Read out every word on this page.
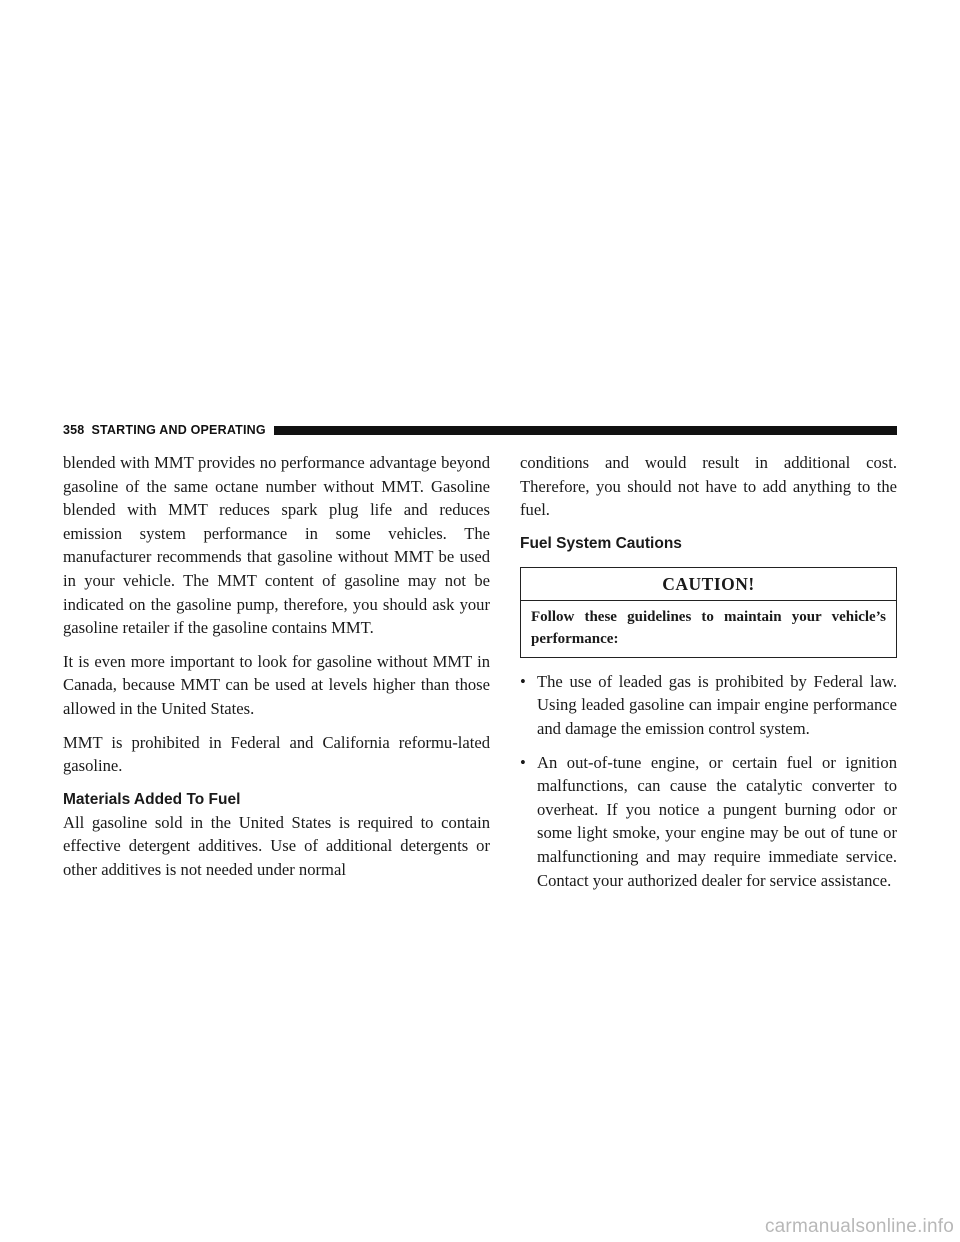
358 STARTING AND OPERATING

blended with MMT provides no performance advantage beyond gasoline of the same octane number without MMT. Gasoline blended with MMT reduces spark plug life and reduces emission system performance in some vehicles. The manufacturer recommends that gasoline without MMT be used in your vehicle. The MMT content of gasoline may not be indicated on the gasoline pump, therefore, you should ask your gasoline retailer if the gasoline contains MMT.

It is even more important to look for gasoline without MMT in Canada, because MMT can be used at levels higher than those allowed in the United States.

MMT is prohibited in Federal and California reformu-lated gasoline.

Materials Added To Fuel

All gasoline sold in the United States is required to contain effective detergent additives. Use of additional detergents or other additives is not needed under normal

conditions and would result in additional cost. Therefore, you should not have to add anything to the fuel.

Fuel System Cautions
CAUTION!
Follow these guidelines to maintain your vehicle’s performance:
• The use of leaded gas is prohibited by Federal law. Using leaded gasoline can impair engine performance and damage the emission control system.
• An out-of-tune engine, or certain fuel or ignition malfunctions, can cause the catalytic converter to overheat. If you notice a pungent burning odor or some light smoke, your engine may be out of tune or malfunctioning and may require immediate service. Contact your authorized dealer for service assistance.
carmanualsonline.info
